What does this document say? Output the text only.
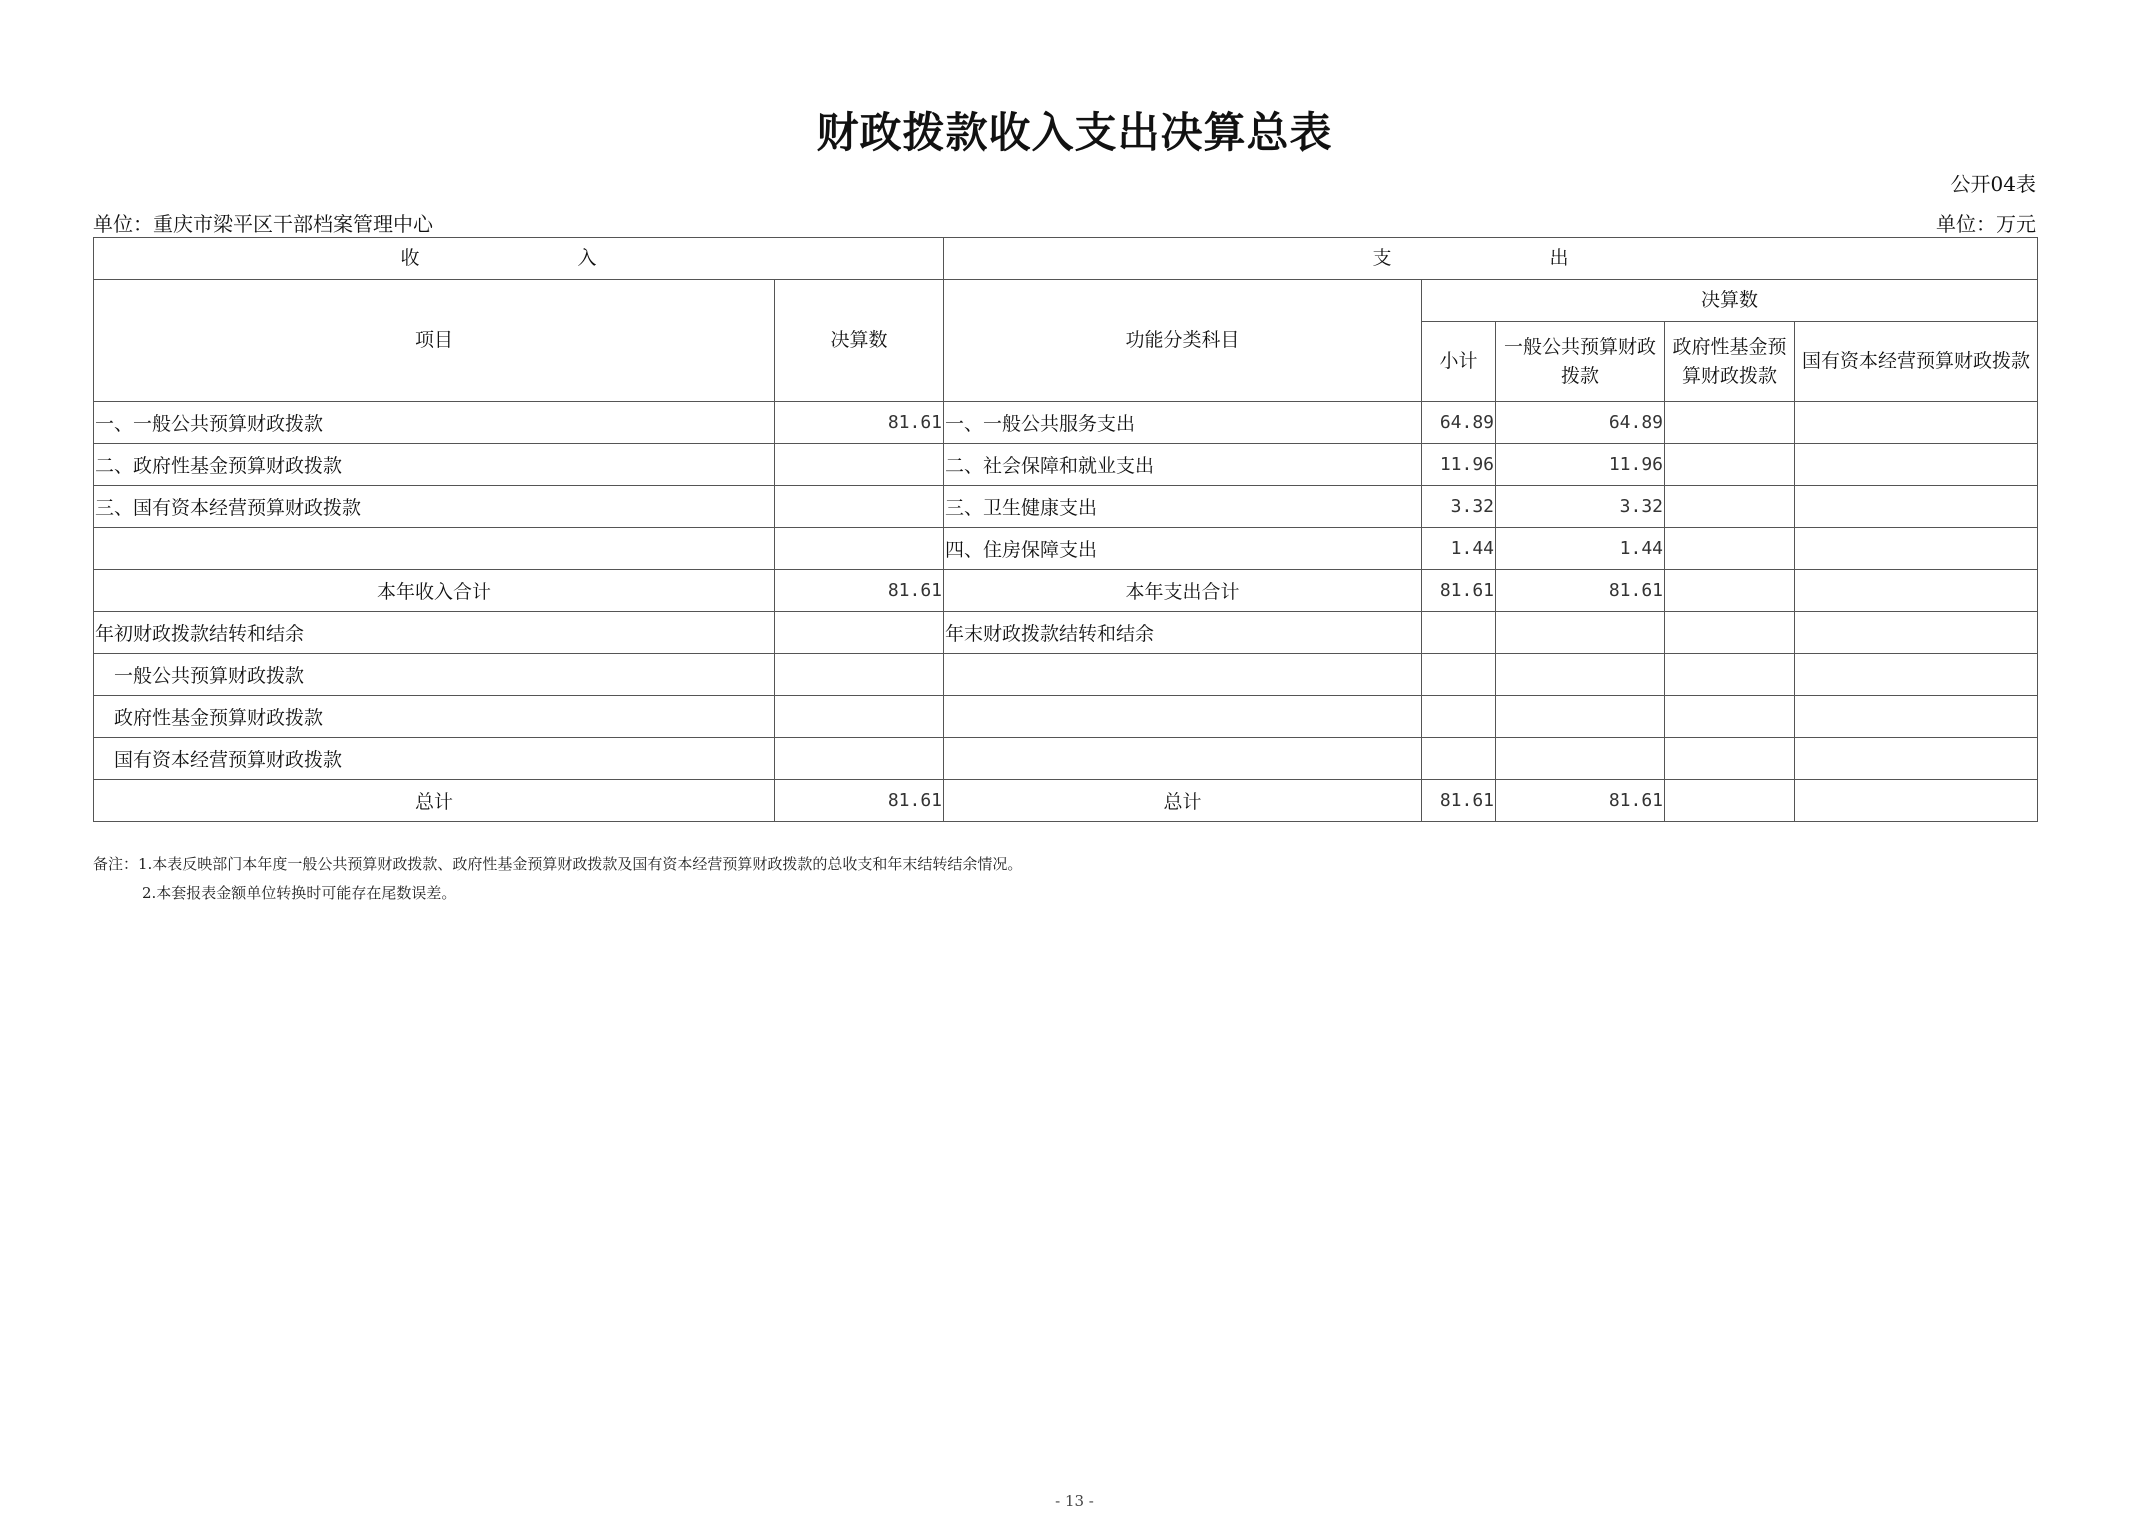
财政拨款收入支出决算总表
公开04表
单位：重庆市梁平区干部档案管理中心	单位：万元
收　　入		支　　出				
项目	决算数	功能分类科目	决算数			
			小计	一般公共预算财政拨款	政府性基金预算财政拨款	国有资本经营预算财政拨款
一、一般公共预算财政拨款	81.61	一、一般公共服务支出	64.89	64.89		
二、政府性基金预算财政拨款		二、社会保障和就业支出	11.96	11.96		
三、国有资本经营预算财政拨款		三、卫生健康支出	3.32	3.32		
		四、住房保障支出	1.44	1.44		
本年收入合计	81.61	本年支出合计	81.61	81.61		
年初财政拨款结转和结余		年末财政拨款结转和结余				
一般公共预算财政拨款						
政府性基金预算财政拨款						
国有资本经营预算财政拨款						
总计	81.61	总计	81.61	81.61		
备注：1.本表反映部门本年度一般公共预算财政拨款、政府性基金预算财政拨款及国有资本经营预算财政拨款的总收支和年末结转结余情况。
2.本套报表金额单位转换时可能存在尾数误差。
- 13 -
